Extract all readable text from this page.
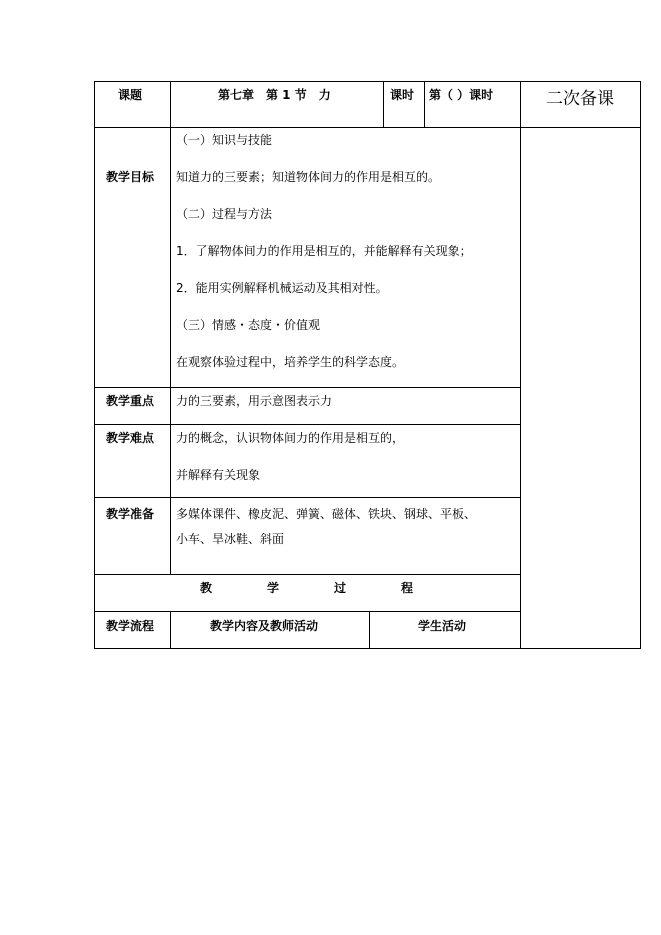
课题	第七章　第 1 节　力	课时 第（ ）课时	二次备课
教学目标
（一）知识与技能
知道力的三要素；知道物体间力的作用是相互的。
（二）过程与方法
1．了解物体间力的作用是相互的，并能解释有关现象；
2．能用实例解释机械运动及其相对性。
（三）情感・态度・价值观
在观察体验过程中，培养学生的科学态度。
教学重点 力的三要素，用示意图表示力
教学难点 力的概念，认识物体间力的作用是相互的，
并解释有关现象
教学准备 多媒体课件、橡皮泥、弹簧、磁体、铁块、钢球、平板、
小车、旱冰鞋、斜面
教	学	过	程
教学流程	教学内容及教师活动	学生活动
